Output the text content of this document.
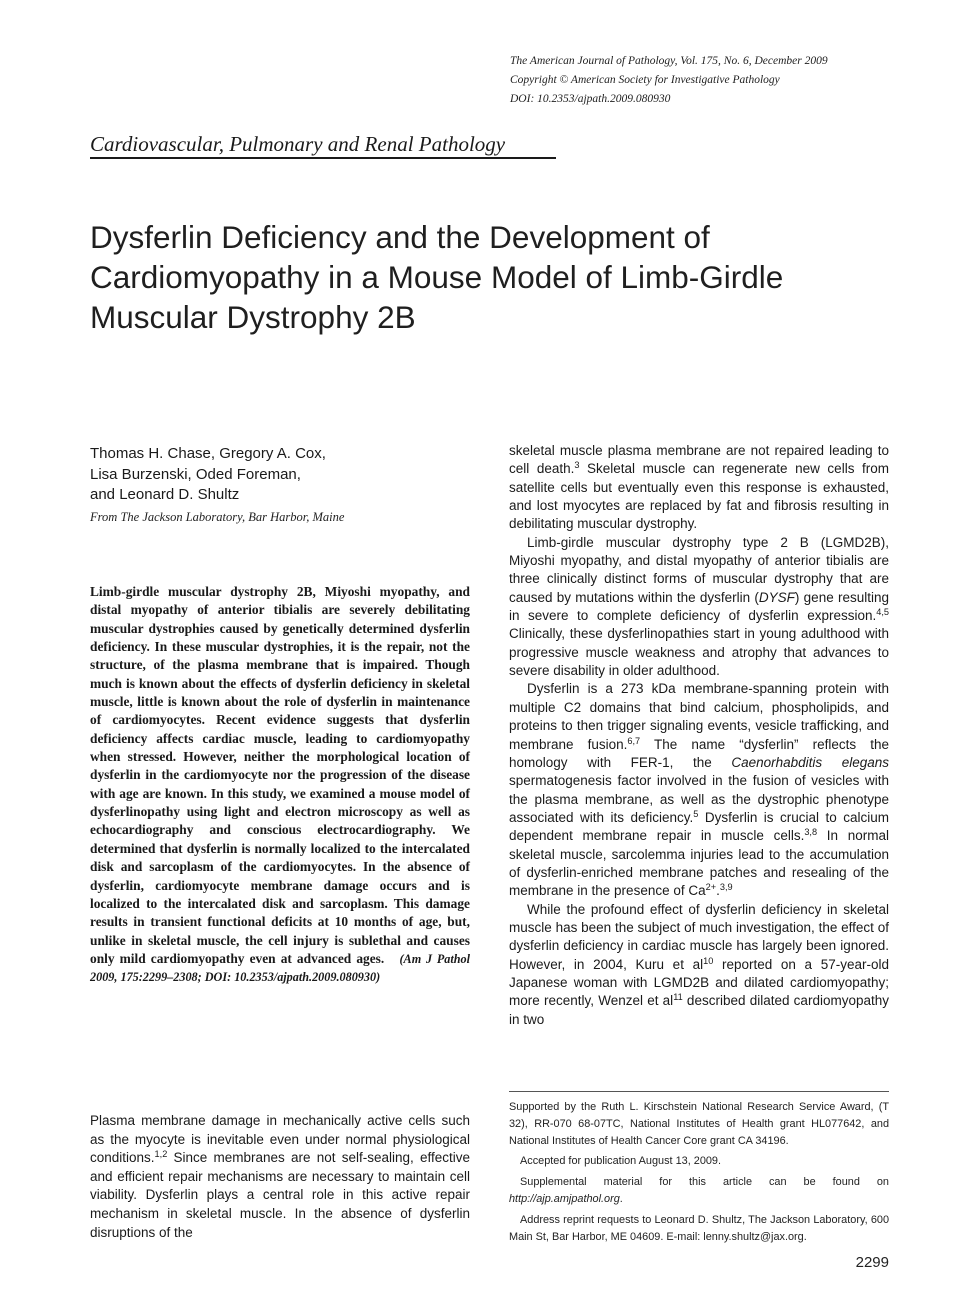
The American Journal of Pathology, Vol. 175, No. 6, December 2009
Copyright © American Society for Investigative Pathology
DOI: 10.2353/ajpath.2009.080930
Cardiovascular, Pulmonary and Renal Pathology
Dysferlin Deficiency and the Development of
Cardiomyopathy in a Mouse Model of Limb-Girdle
Muscular Dystrophy 2B
Thomas H. Chase, Gregory A. Cox,
Lisa Burzenski, Oded Foreman,
and Leonard D. Shultz
From The Jackson Laboratory, Bar Harbor, Maine
Limb-girdle muscular dystrophy 2B, Miyoshi myopathy, and distal myopathy of anterior tibialis are severely debilitating muscular dystrophies caused by genetically determined dysferlin deficiency. In these muscular dystrophies, it is the repair, not the structure, of the plasma membrane that is impaired. Though much is known about the effects of dysferlin deficiency in skeletal muscle, little is known about the role of dysferlin in maintenance of cardiomyocytes. Recent evidence suggests that dysferlin deficiency affects cardiac muscle, leading to cardiomyopathy when stressed. However, neither the morphological location of dysferlin in the cardiomyocyte nor the progression of the disease with age are known. In this study, we examined a mouse model of dysferlinopathy using light and electron microscopy as well as echocardiography and conscious electrocardiography. We determined that dysferlin is normally localized to the intercalated disk and sarcoplasm of the cardiomyocytes. In the absence of dysferlin, cardiomyocyte membrane damage occurs and is localized to the intercalated disk and sarcoplasm. This damage results in transient functional deficits at 10 months of age, but, unlike in skeletal muscle, the cell injury is sublethal and causes only mild cardiomyopathy even at advanced ages. (Am J Pathol 2009, 175:2299–2308; DOI: 10.2353/ajpath.2009.080930)

Plasma membrane damage in mechanically active cells such as the myocyte is inevitable even under normal physiological conditions.$^{1,2}$ Since membranes are not self-sealing, effective and efficient repair mechanisms are necessary to maintain cell viability. Dysferlin plays a central role in this active repair mechanism in skeletal muscle. In the absence of dysferlin disruptions of the

skeletal muscle plasma membrane are not repaired leading to cell death.$^3$ Skeletal muscle can regenerate new cells from satellite cells but eventually even this response is exhausted, and lost myocytes are replaced by fat and fibrosis resulting in debilitating muscular dystrophy.

Limb-girdle muscular dystrophy type 2 B (LGMD2B), Miyoshi myopathy, and distal myopathy of anterior tibialis are three clinically distinct forms of muscular dystrophy that are caused by mutations within the dysferlin (DYSF) gene resulting in severe to complete deficiency of dysferlin expression.$^{4,5}$ Clinically, these dysferlinopathies start in young adulthood with progressive muscle weakness and atrophy that advances to severe disability in older adulthood.

Dysferlin is a 273 kDa membrane-spanning protein with multiple C2 domains that bind calcium, phospholipids, and proteins to then trigger signaling events, vesicle trafficking, and membrane fusion.$^{6,7}$ The name “dysferlin” reflects the homology with FER-1, the Caenorhabditis elegans spermatogenesis factor involved in the fusion of vesicles with the plasma membrane, as well as the dystrophic phenotype associated with its deficiency.$^5$ Dysferlin is crucial to calcium dependent membrane repair in muscle cells.$^{3,8}$ In normal skeletal muscle, sarcolemma injuries lead to the accumulation of dysferlin-enriched membrane patches and resealing of the membrane in the presence of $Ca^{2+}.^{3,9}$

While the profound effect of dysferlin deficiency in skeletal muscle has been the subject of much investigation, the effect of dysferlin deficiency in cardiac muscle has largely been ignored. However, in 2004, Kuru et $al^{10}$ reported on a 57-year-old Japanese woman with LGMD2B and dilated cardiomyopathy; more recently, Wenzel et $al^{11}$ described dilated cardiomyopathy in two

Supported by the Ruth L. Kirschstein National Research Service Award, (T 32), RR-070 68-07TC, National Institutes of Health grant HL077642, and National Institutes of Health Cancer Core grant CA 34196.

Accepted for publication August 13, 2009.

Supplemental material for this article can be found on http://ajp.amjpathol.org.

Address reprint requests to Leonard D. Shultz, The Jackson Laboratory, 600 Main St, Bar Harbor, ME 04609. E-mail: lenny.shultz@jax.org.

2299
